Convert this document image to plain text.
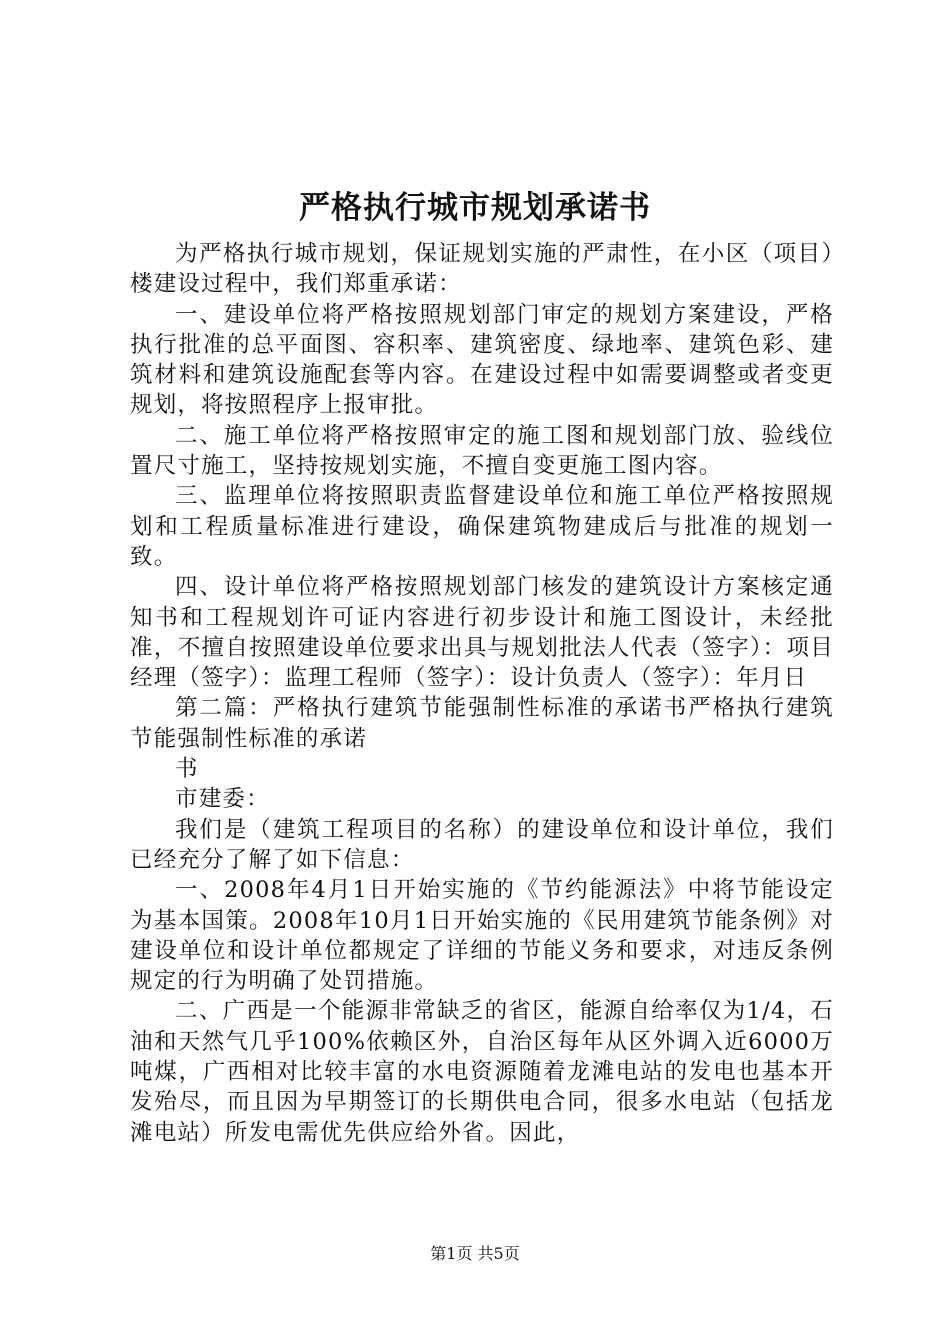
严格执行城市规划承诺书

为严格执行城市规划，保证规划实施的严肃性，在小区（项目）楼建设过程中，我们郑重承诺：

一、建设单位将严格按照规划部门审定的规划方案建设，严格执行批准的总平面图、容积率、建筑密度、绿地率、建筑色彩、建筑材料和建筑设施配套等内容。在建设过程中如需要调整或者变更规划，将按照程序上报审批。

二、施工单位将严格按照审定的施工图和规划部门放、验线位置尺寸施工，坚持按规划实施，不擅自变更施工图内容。

三、监理单位将按照职责监督建设单位和施工单位严格按照规划和工程质量标准进行建设，确保建筑物建成后与批准的规划一致。

四、设计单位将严格按照规划部门核发的建筑设计方案核定通知书和工程规划许可证内容进行初步设计和施工图设计，未经批准，不擅自按照建设单位要求出具与规划批法人代表（签字）：项目经理（签字）：监理工程师（签字）：设计负责人（签字）：年月日

第二篇：严格执行建筑节能强制性标准的承诺书严格执行建筑节能强制性标准的承诺

书

市建委：

我们是（建筑工程项目的名称）的建设单位和设计单位，我们已经充分了解了如下信息：

一、2008年4月1日开始实施的《节约能源法》中将节能设定为基本国策。2008年10月1日开始实施的《民用建筑节能条例》对建设单位和设计单位都规定了详细的节能义务和要求，对违反条例规定的行为明确了处罚措施。

二、广西是一个能源非常缺乏的省区，能源自给率仅为1/4，石油和天然气几乎100%依赖区外，自治区每年从区外调入近6000万吨煤，广西相对比较丰富的水电资源随着龙滩电站的发电也基本开发殆尽，而且因为早期签订的长期供电合同，很多水电站（包括龙滩电站）所发电需优先供应给外省。因此，

第1页 共5页
